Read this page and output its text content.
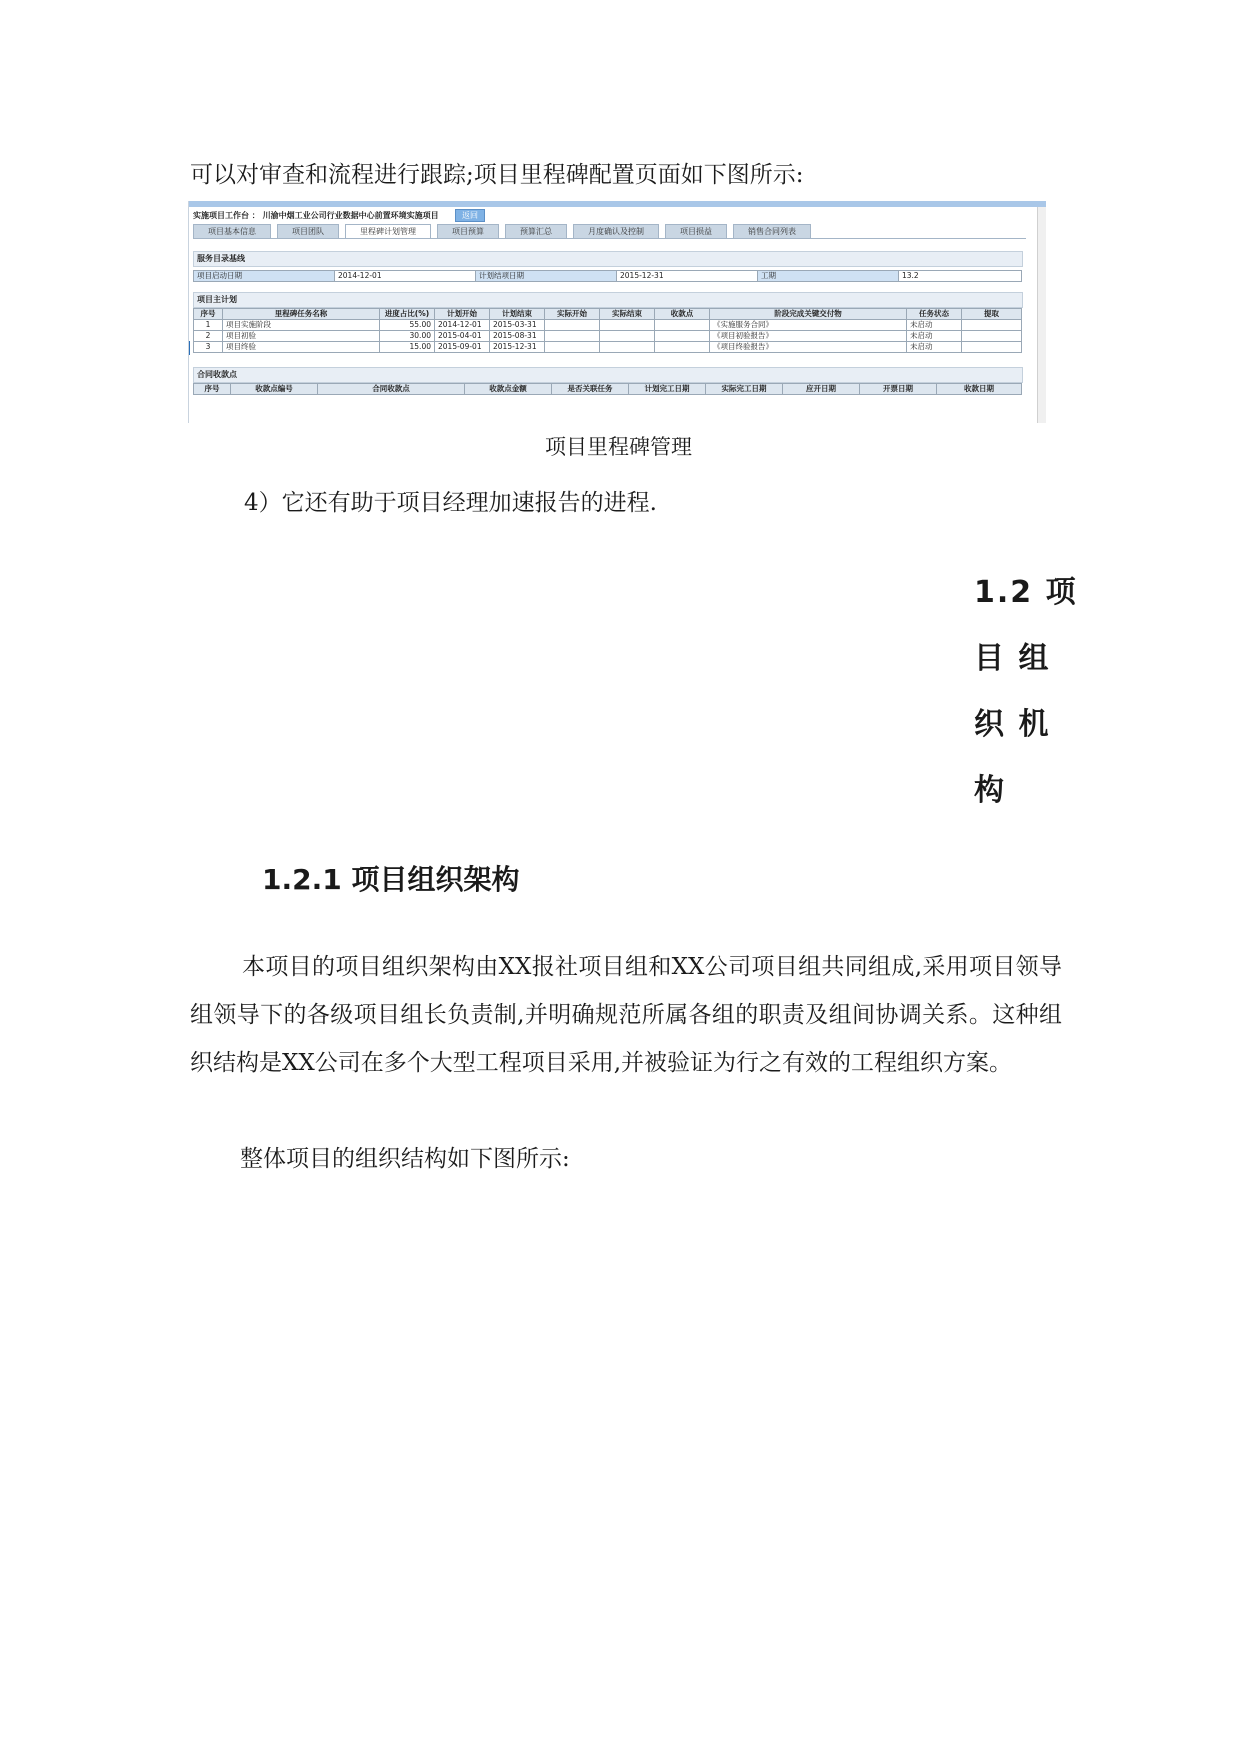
可以对审查和流程进行跟踪;项目里程碑配置页面如下图所示:
实施项目工作台 ： 川渝中烟工业公司行业数据中心前置环境实施项目	返回
项目基本信息	项目团队	里程碑计划管理	项目预算	预算汇总	月度确认及控制	项目损益	销售合同列表
服务目录基线
项目启动日期	2014-12-01	计划结项日期	2015-12-31	工期	13.2
项目主计划
序号	里程碑任务名称	进度占比(%)	计划开始	计划结束	实际开始	实际结束	收款点	阶段完成关键交付物	任务状态	提取
1	项目实施阶段	55.00	2014-12-01	2015-03-31				《实施服务合同》	未启动	
2	项目初验	30.00	2015-04-01	2015-08-31				《项目初验报告》	未启动	
3	项目终验	15.00	2015-09-01	2015-12-31				《项目终验报告》	未启动	
合同收款点
序号	收款点编号	合同收款点	收款点金额	是否关联任务	计划完工日期	实际完工日期	应开日期	开票日期	收款日期
项目里程碑管理
4）它还有助于项目经理加速报告的进程.
1.2 项
目 组
织 机
构
1.2.1 项目组织架构
本项目的项目组织架构由XX报社项目组和XX公司项目组共同组成,采用项目领导组领导下的各级项目组长负责制,并明确规范所属各组的职责及组间协调关系。这种组织结构是XX公司在多个大型工程项目采用,并被验证为行之有效的工程组织方案。
整体项目的组织结构如下图所示:
